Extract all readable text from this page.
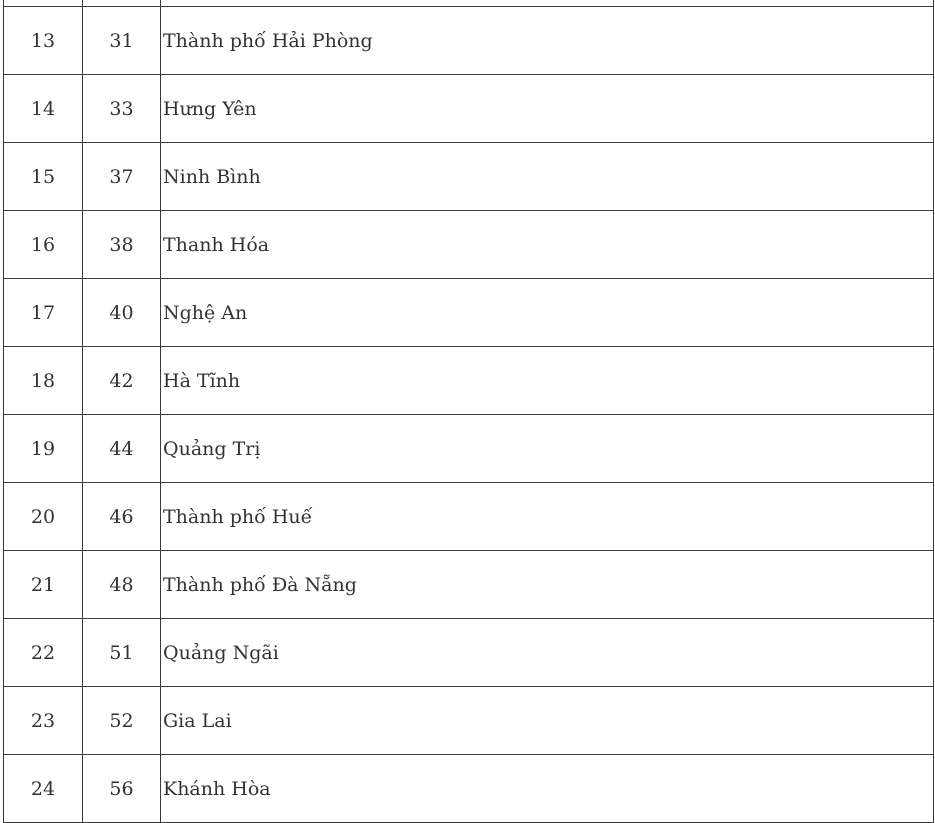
13	31	Thành phố Hải Phòng
14	33	Hưng Yên
15	37	Ninh Bình
16	38	Thanh Hóa
17	40	Nghệ An
18	42	Hà Tĩnh
19	44	Quảng Trị
20	46	Thành phố Huế
21	48	Thành phố Đà Nẵng
22	51	Quảng Ngãi
23	52	Gia Lai
24	56	Khánh Hòa
